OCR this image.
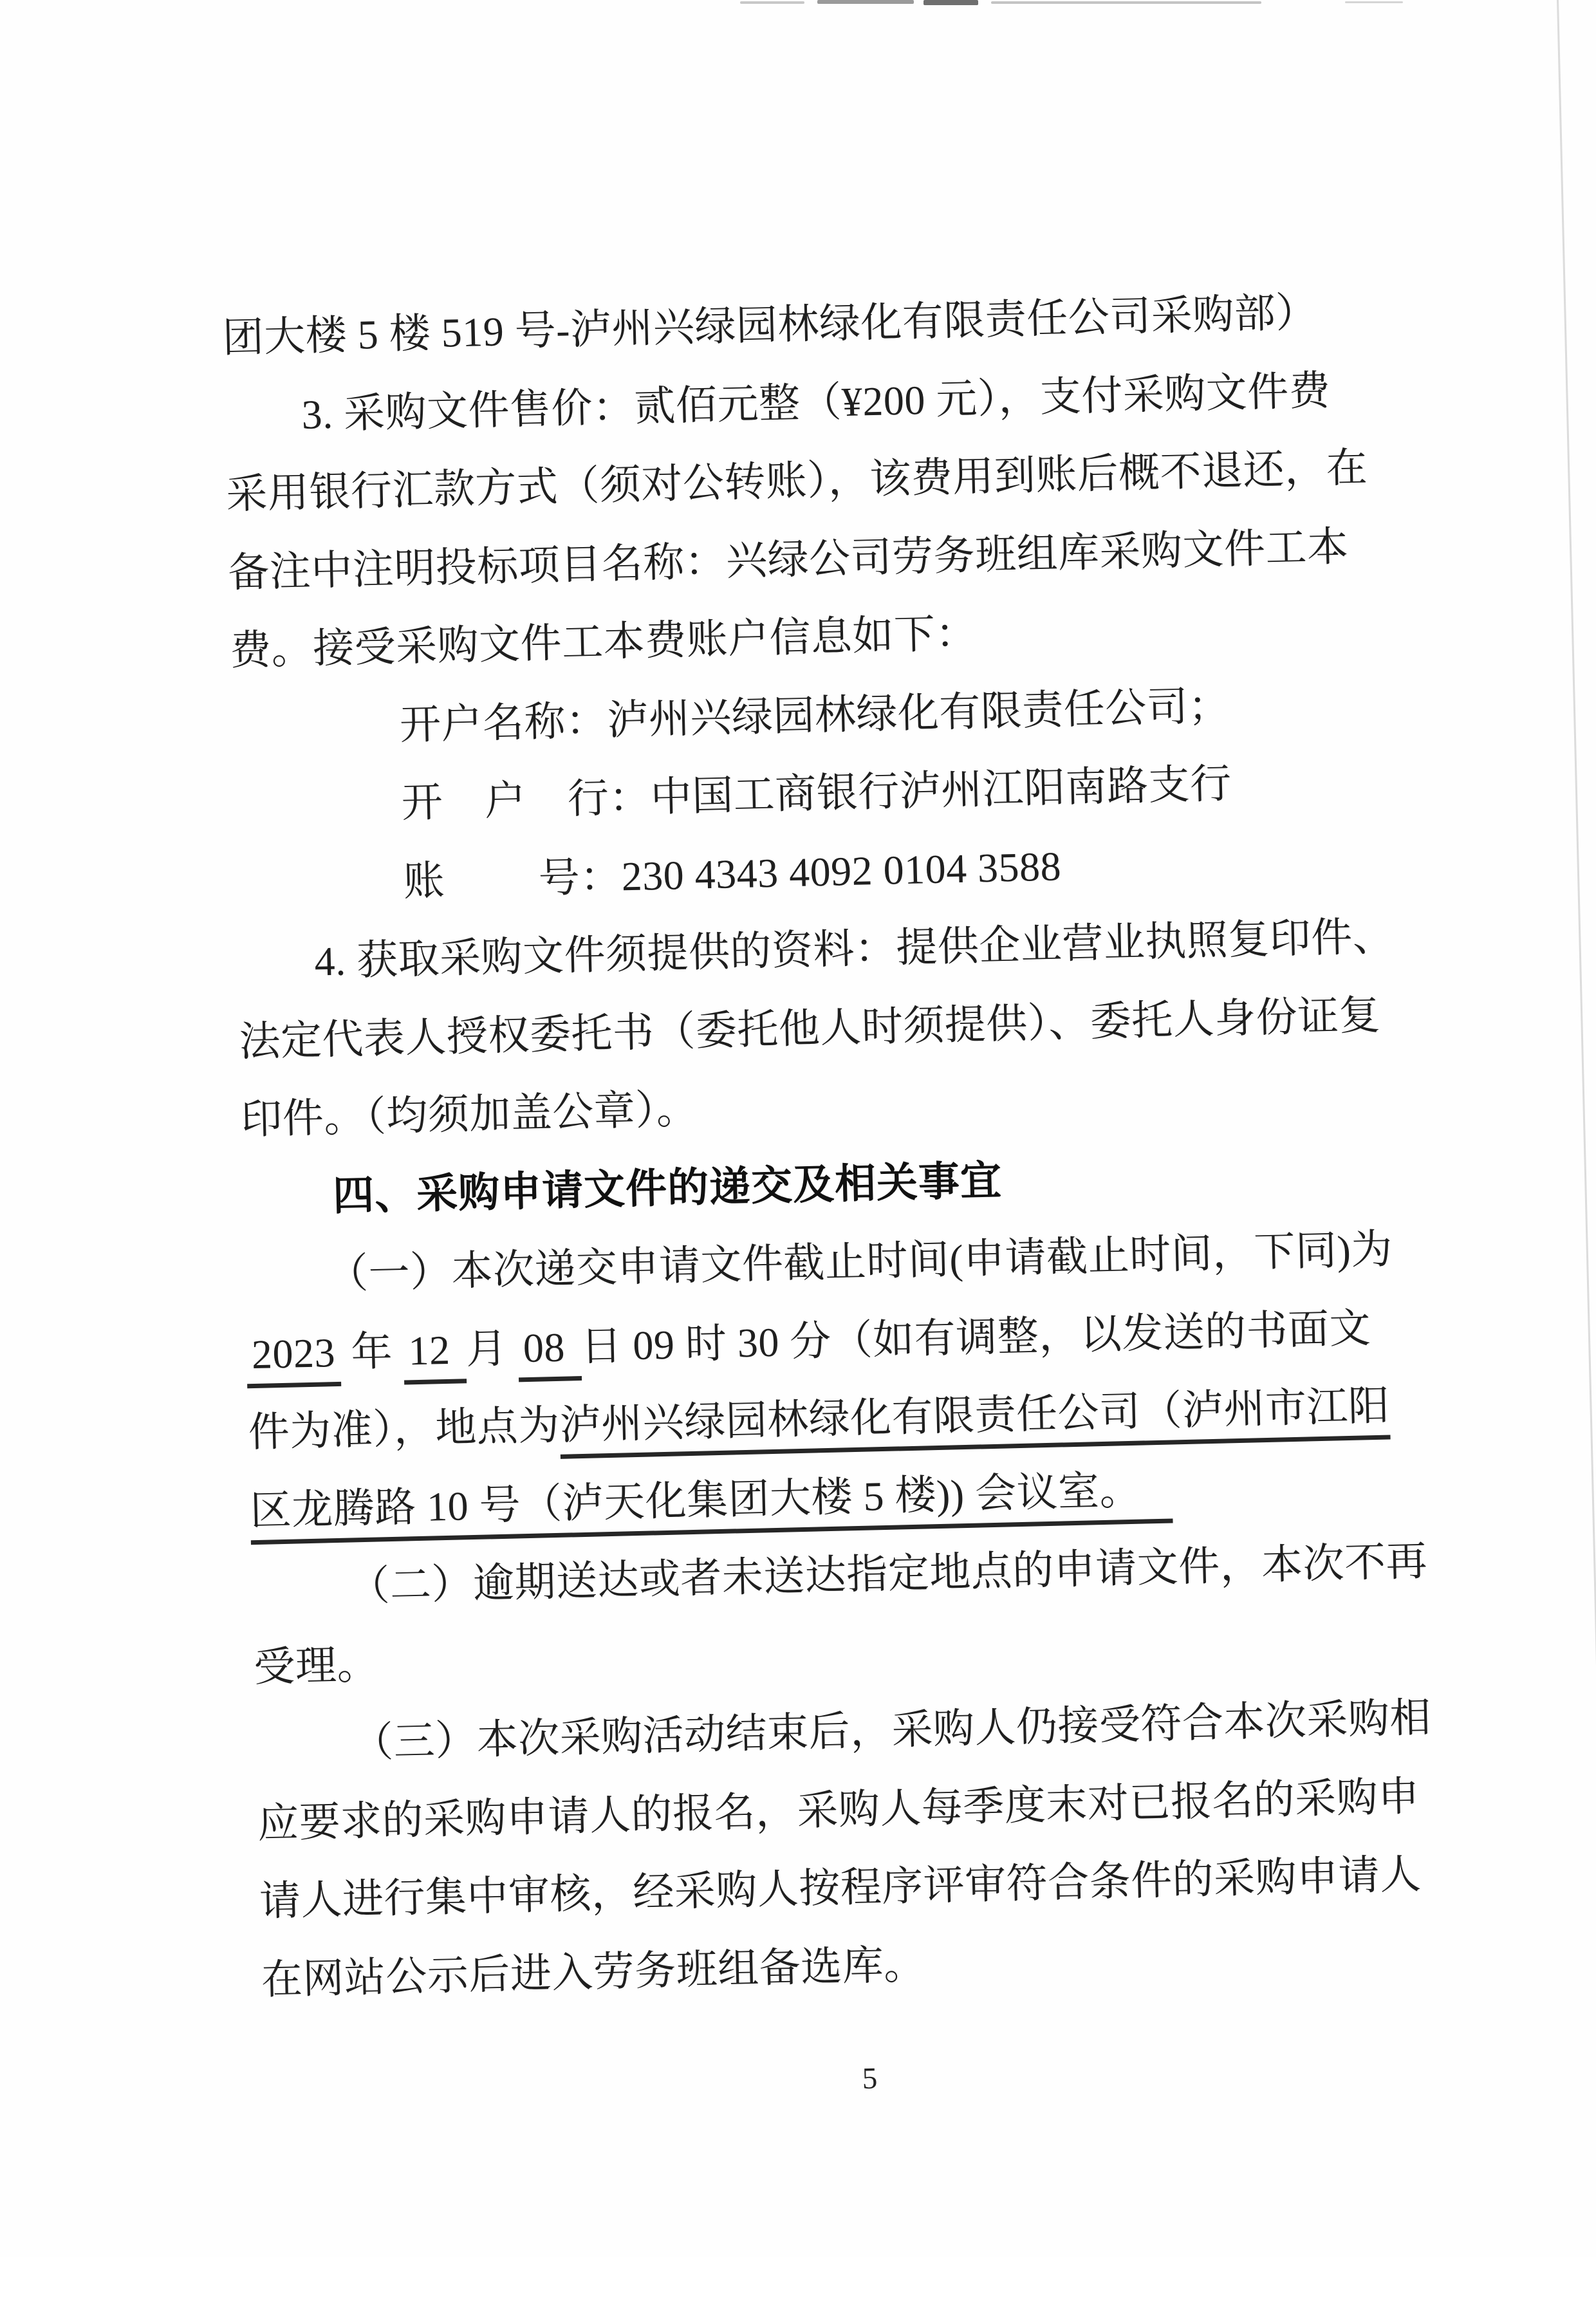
团大楼 5 楼 519 号-泸州兴绿园林绿化有限责任公司采购部）
3. 采购文件售价：贰佰元整（¥200 元），支付采购文件费
采用银行汇款方式（须对公转账），该费用到账后概不退还，在
备注中注明投标项目名称：兴绿公司劳务班组库采购文件工本
费。接受采购文件工本费账户信息如下：
开户名称：泸州兴绿园林绿化有限责任公司；
开　户　行：中国工商银行泸州江阳南路支行
账　　 号：230 4343 4092 0104 3588
4. 获取采购文件须提供的资料：提供企业营业执照复印件、
法定代表人授权委托书（委托他人时须提供）、委托人身份证复
印件。（均须加盖公章）。
四、采购申请文件的递交及相关事宜
（一）本次递交申请文件截止时间(申请截止时间，下同)为
2023 年 12 月 08 日 09 时 30 分（如有调整，以发送的书面文
件为准），地点为泸州兴绿园林绿化有限责任公司（泸州市江阳
区龙腾路 10 号（泸天化集团大楼 5 楼)) 会议室。
（二）逾期送达或者未送达指定地点的申请文件，本次不再
受理。
（三）本次采购活动结束后，采购人仍接受符合本次采购相
应要求的采购申请人的报名，采购人每季度末对已报名的采购申
请人进行集中审核，经采购人按程序评审符合条件的采购申请人
在网站公示后进入劳务班组备选库。
5
